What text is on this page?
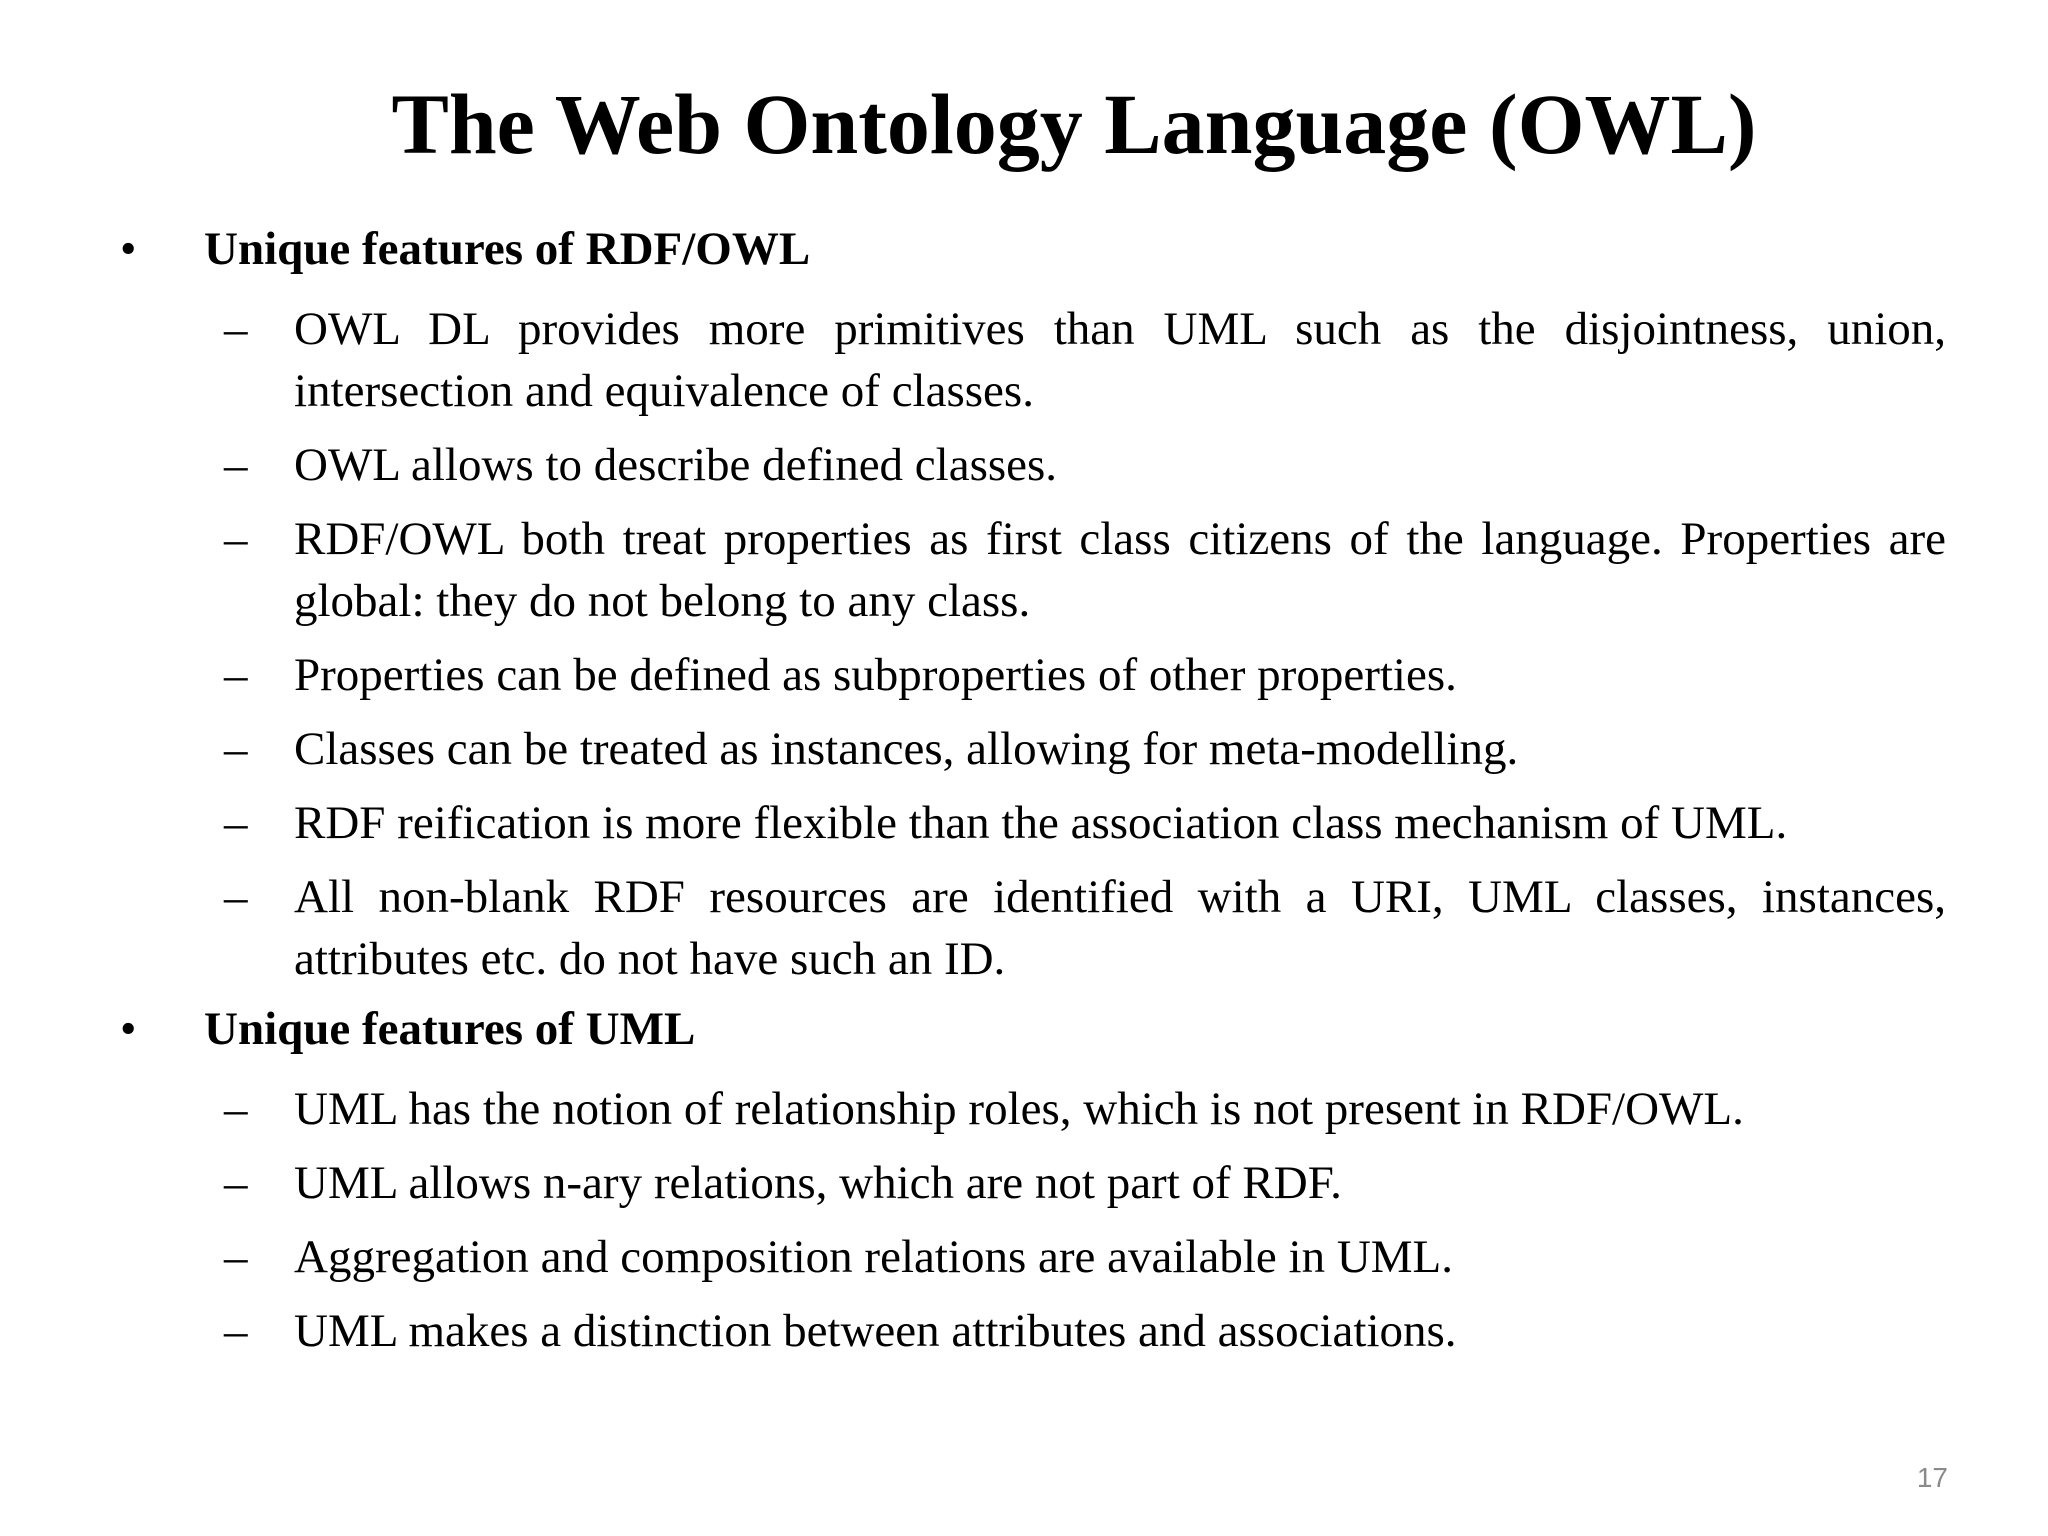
The Web Ontology Language (OWL)
• Unique features of RDF/OWL
– OWL DL provides more primitives than UML such as the disjointness, union, intersection and equivalence of classes.
– OWL allows to describe defined classes.
– RDF/OWL both treat properties as first class citizens of the language. Properties are global: they do not belong to any class.
– Properties can be defined as subproperties of other properties.
– Classes can be treated as instances, allowing for meta-modelling.
– RDF reification is more flexible than the association class mechanism of UML.
– All non-blank RDF resources are identified with a URI, UML classes, instances, attributes etc. do not have such an ID.
• Unique features of UML
– UML has the notion of relationship roles, which is not present in RDF/OWL.
– UML allows n-ary relations, which are not part of RDF.
– Aggregation and composition relations are available in UML.
– UML makes a distinction between attributes and associations.
17
